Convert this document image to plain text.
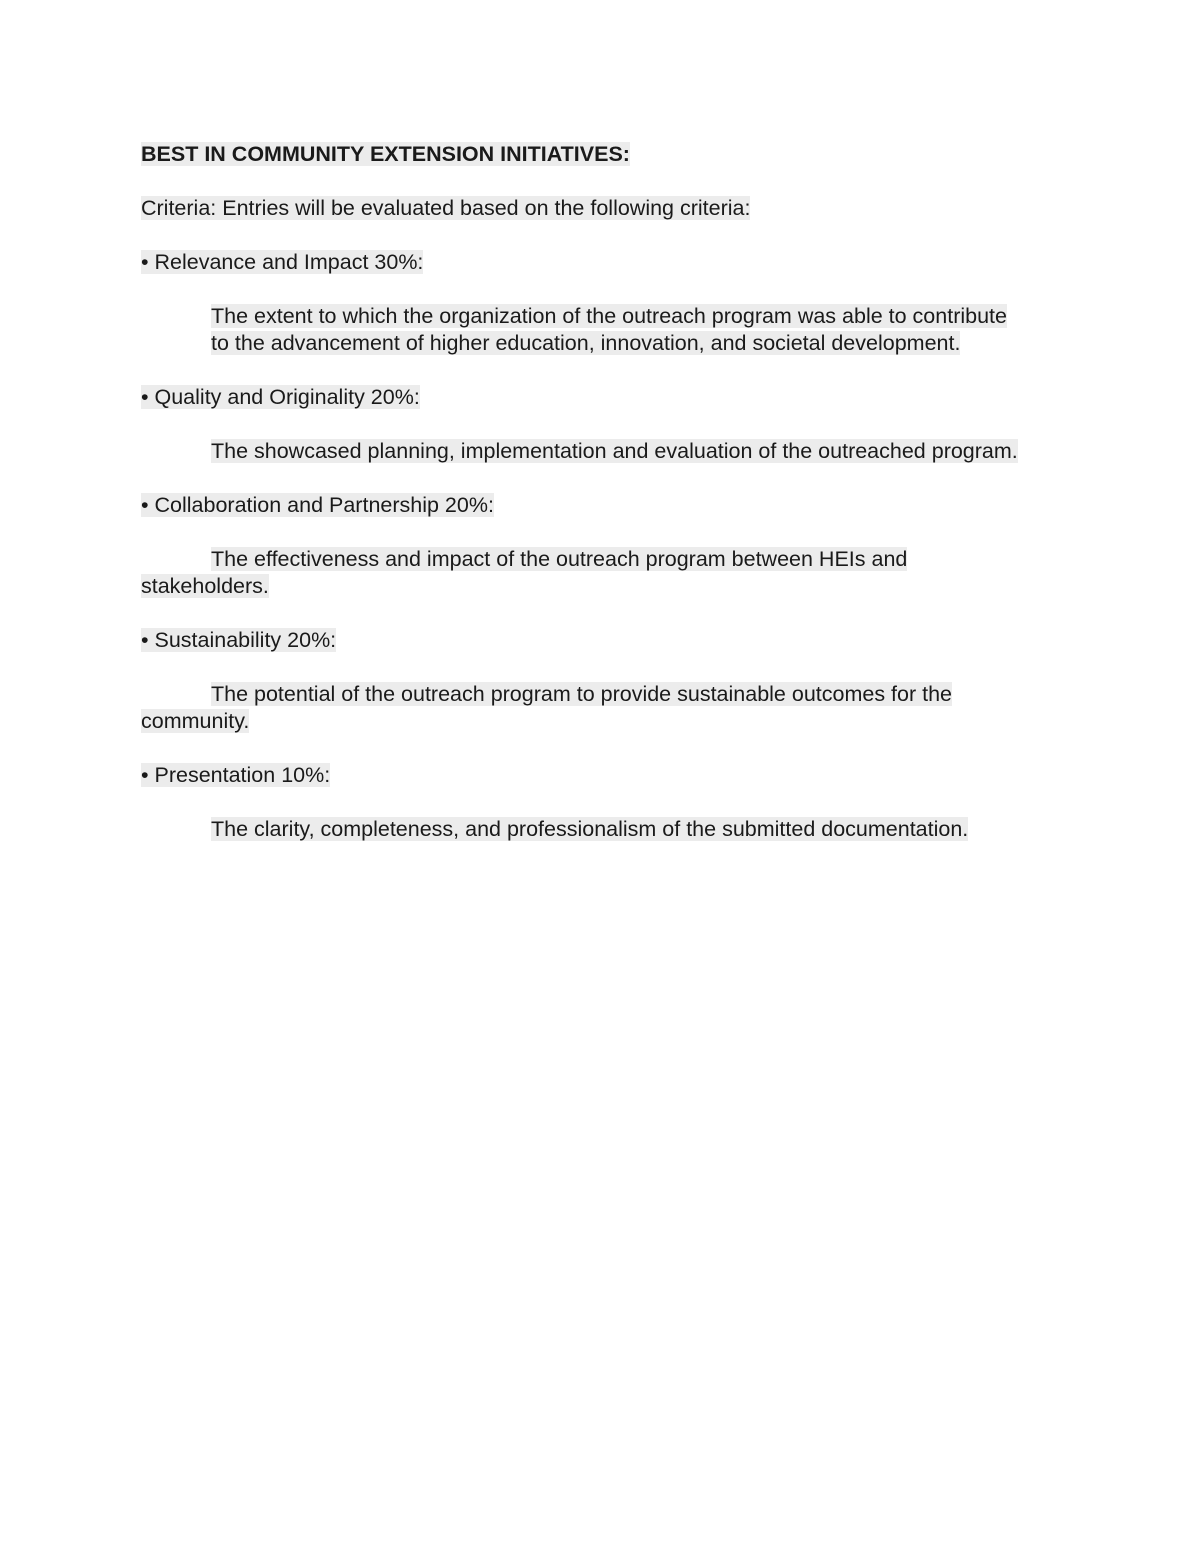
BEST IN COMMUNITY EXTENSION INITIATIVES:
Criteria: Entries will be evaluated based on the following criteria:
• Relevance and Impact 30%:
The extent to which the organization of the outreach program was able to contribute to the advancement of higher education, innovation, and societal development.
• Quality and Originality 20%:
The showcased planning, implementation and evaluation of the outreached program.
• Collaboration and Partnership 20%:
The effectiveness and impact of the outreach program between HEIs and stakeholders.
• Sustainability 20%:
The potential of the outreach program to provide sustainable outcomes for the community.
• Presentation 10%:
The clarity, completeness, and professionalism of the submitted documentation.
